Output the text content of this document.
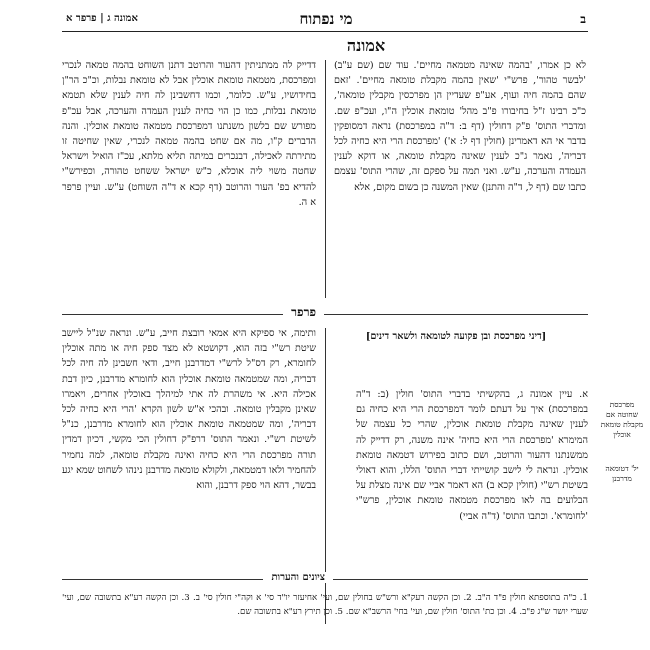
ב
מי נפתוח
אמונה ג | פרפר א
אמונה

לא כן אמרו, 'בהמה שאינה מטמאה מחיים'. עוד שם (שם ע"ב) 'לבשר טהור', פרש"י 'שאין בהמה מקבלת טומאה מחיים'. 'זאם שהם בהמה חיה ועוף, אע"פ שעדיין הן מפרכסין מקבלין טומאה', כ"כ רבינו ז"ל בחיבורו פ"ב מהל' טומאת אוכלין ה"ו, ועכ"פ שם. ומדברי התוס' פ"ק דחולין (דף ב: ד"ה במפרכסת) נראה דמסופקין בדבר אי הא דאמרינן (חולין דף ל: א') 'מפרכסת הרי היא כחיה לכל דבריה', נאמר ג"כ לענין שאינה מקבלת טומאה, או דוקא לענין העמדה והערכה, ע"ש. ואני תמה על ספקם זה, שהרי התוס' עצמם כתבו שם (דף ל, ד"ה והתנן) שאין המשנה כן בשום מקום, אלא

דדייק לה ממתניתין דהעור והרוטב דתנן השוחט בהמה טמאה לנכרי ומפרכסת, מטמאה טומאת אוכלין אבל לא טומאת נבלות, וכ"כ הר"ן בחידושיו, ע"ש. כלומר, וכמו דחשבינן לה חיה לענין שלא תטמא טומאת נבלות, כמו כן הוי כחיה לענין העמדה והערכה, אבל עכ"פ מפורש שם בלשון משנתנו דמפרכסת מטמאה טומאת אוכלין. והנה הדברים ק"ו, מה אם שחט בהמה טמאה לנכרי, שאין שחיטה זו מתירתה לאכילה, דבנכרים במיתה תליא מלתא, עכ"ז הואיל וישראל שחטה משוי ליה אוכלא, כ"ש ישראל ששחט טהורה, וכפירש"י להדיא בפ' העור והרוטב (דף קכא א ד"ה השוחט) ע"ש. ועיין פרפר א ה.

פרפר
[דיני מפרכסת ובן פקועה לטומאה ולשאר דינים]

א. עיין אמונה ג, בהקשיתי בדברי התוס' חולין (ב: ד"ה במפרכסת) איך על דעתם לומר דמפרכסת הרי היא כחיה גם לענין שאינה מקבלת טומאת אוכלין, שהרי כל עצמה של המימרא 'מפרכסת הרי היא כחיה' אינה משנה, רק דדייק לה ממשנתנו דהעור והרוטב, ושם כתוב בפירוש דטמאה טומאת אוכלין. ונראה לי לישב קושייתי דברי התוס' הללו, והוא דאולי בשיטת רש"י (חולין קכא ב) הא דאמר אביי שם אינה מצלת על הבלועים בה לאו מפרכסת מטמאה טומאת אוכלין, פרש"י 'לחומרא'. וכתבו התוס' (ד"ה אביי)

ותימה, אי ספיקא היא אמאי רובצת חייב, ע"ש. ונראה שנ"ל ליישב שיטת רש"י בזה הוא, דקושטא לא מצד ספק חיה או מתה אוכלין לחומרא, רק דס"ל לרש"י דמדרבנן חייב, ודאי חשבינן לה חיה לכל דבריה, ומה שמטמאה טומאת אוכלין הוא לחומרא מדרבנן, כיון דבת אכילה היא. אי משהרת לה אתי למיהלך באוכלין אחרים, ויאמרו שאינן מקבלין טומאה. ובהכי א"ש לשון הקרא 'הרי היא כחיה לכל דבריה', ומה שמטמאה טומאת אוכלין הוא לחומרא מדרבנן, כנ"ל לשיטת רש"י. ונאמר התוס' דרפ"ק דחולין הכי מקשי, דכיון דמדין תורה מפרכסת הרי היא כחיה ואינה מקבלת טומאה, למה נחמיר להחמיר ולאו דמטמאה, ולקולא טומאה מדרבנן נינהו לשחוט שמא יגע בבשר, דהא הוי ספק דרבנן, והוא

מפרכסת שחוטה אם מקבלת טומאת אוכלין
יל' דטומאה מדרבנן
ציונים והערות

1. כ"ה בתוספתא חולין פ"ד ה"ב. 2. וכן הקשה רעק"א ורש"ש בחולין שם, ועי' אחיעזר יו"ד סי' א וקה"י חולין סי' ב. 3. וכן הקשה רע"א בתשובה שם, ועי' שערי יושר ש"ג פ"ב. 4. וכן כת' התוס' חולין שם, ועי' בחי' הרשב"א שם. 5. וכן תירץ רע"א בתשובה שם.
